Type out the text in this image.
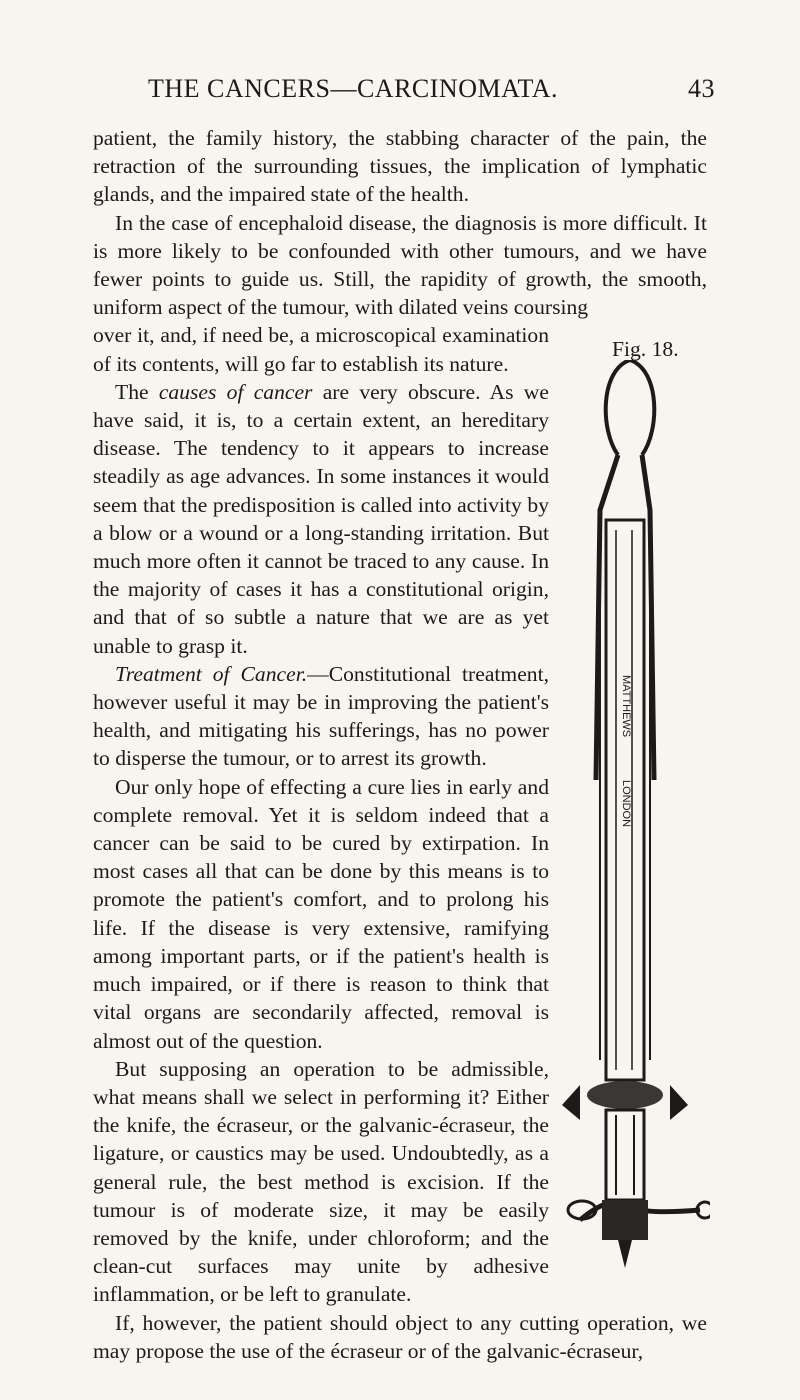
THE CANCERS—CARCINOMATA.	43
Fig. 18.

patient, the family history, the stabbing character of the pain, the retraction of the surrounding tissues, the implication of lymphatic glands, and the impaired state of the health.

In the case of encephaloid disease, the diagnosis is more difficult. It is more likely to be confounded with other tumours, and we have fewer points to guide us. Still, the rapidity of growth, the smooth, uniform aspect of the tumour, with dilated veins coursing

over it, and, if need be, a microscopical examination of its contents, will go far to establish its nature.

The causes of cancer are very obscure. As we have said, it is, to a certain extent, an hereditary disease. The tendency to it appears to increase steadily as age advances. In some instances it would seem that the predisposition is called into activity by a blow or a wound or a long-standing irritation. But much more often it cannot be traced to any cause. In the majority of cases it has a constitutional origin, and that of so subtle a nature that we are as yet unable to grasp it.

Treatment of Cancer.—Constitutional treatment, however useful it may be in improving the patient's health, and mitigating his sufferings, has no power to disperse the tumour, or to arrest its growth.

Our only hope of effecting a cure lies in early and complete removal. Yet it is seldom indeed that a cancer can be said to be cured by extirpation. In most cases all that can be done by this means is to promote the patient's comfort, and to prolong his life. If the disease is very extensive, ramifying among important parts, or if the patient's health is much impaired, or if there is reason to think that vital organs are secondarily affected, removal is almost out of the question.

But supposing an operation to be admissible, what means shall we select in performing it? Either the knife, the écraseur, or the galvanic-écraseur, the ligature, or caustics may be used. Undoubtedly, as a general rule, the best method is excision. If the tumour is of moderate size, it may be easily removed by the knife, under chloroform; and the clean-cut surfaces may unite by adhesive inflammation, or be left to granulate.

If, however, the patient should object to any cutting operation, we may propose the use of the écraseur or of the galvanic-écraseur,

MATTHEWS
LONDON
